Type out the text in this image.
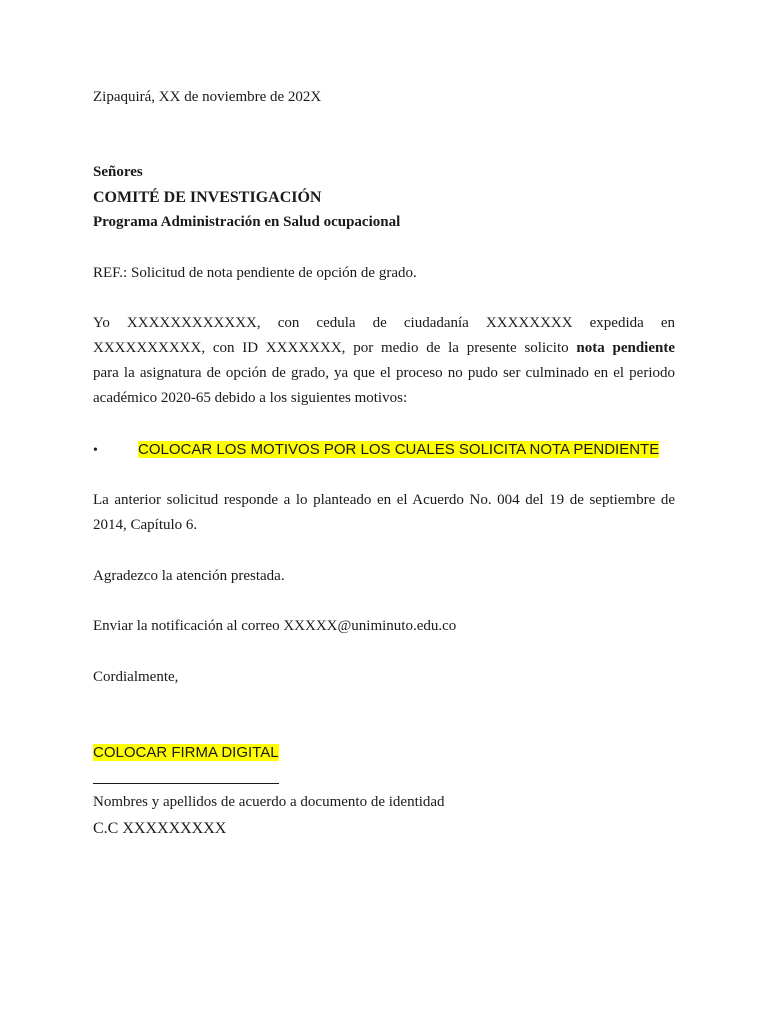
Zipaquirá, XX de noviembre de 202X
Señores
COMITÉ DE INVESTIGACIÓN
Programa Administración en Salud ocupacional
REF.: Solicitud de nota pendiente de opción de grado.
Yo XXXXXXXXXXXX, con cedula de ciudadanía XXXXXXXX expedida en
XXXXXXXXXX, con ID XXXXXXX, por medio de la presente solicito nota pendiente
para la asignatura de opción de grado, ya que el proceso no pudo ser culminado en el periodo
académico 2020-65 debido a los siguientes motivos:
•	COLOCAR LOS MOTIVOS POR LOS CUALES SOLICITA NOTA PENDIENTE
La anterior solicitud responde a lo planteado en el Acuerdo No. 004 del 19 de septiembre de
2014, Capítulo 6.
Agradezco la atención prestada.
Enviar la notificación al correo XXXXX@uniminuto.edu.co
Cordialmente,
COLOCAR FIRMA DIGITAL
Nombres y apellidos de acuerdo a documento de identidad
C.C XXXXXXXXX
